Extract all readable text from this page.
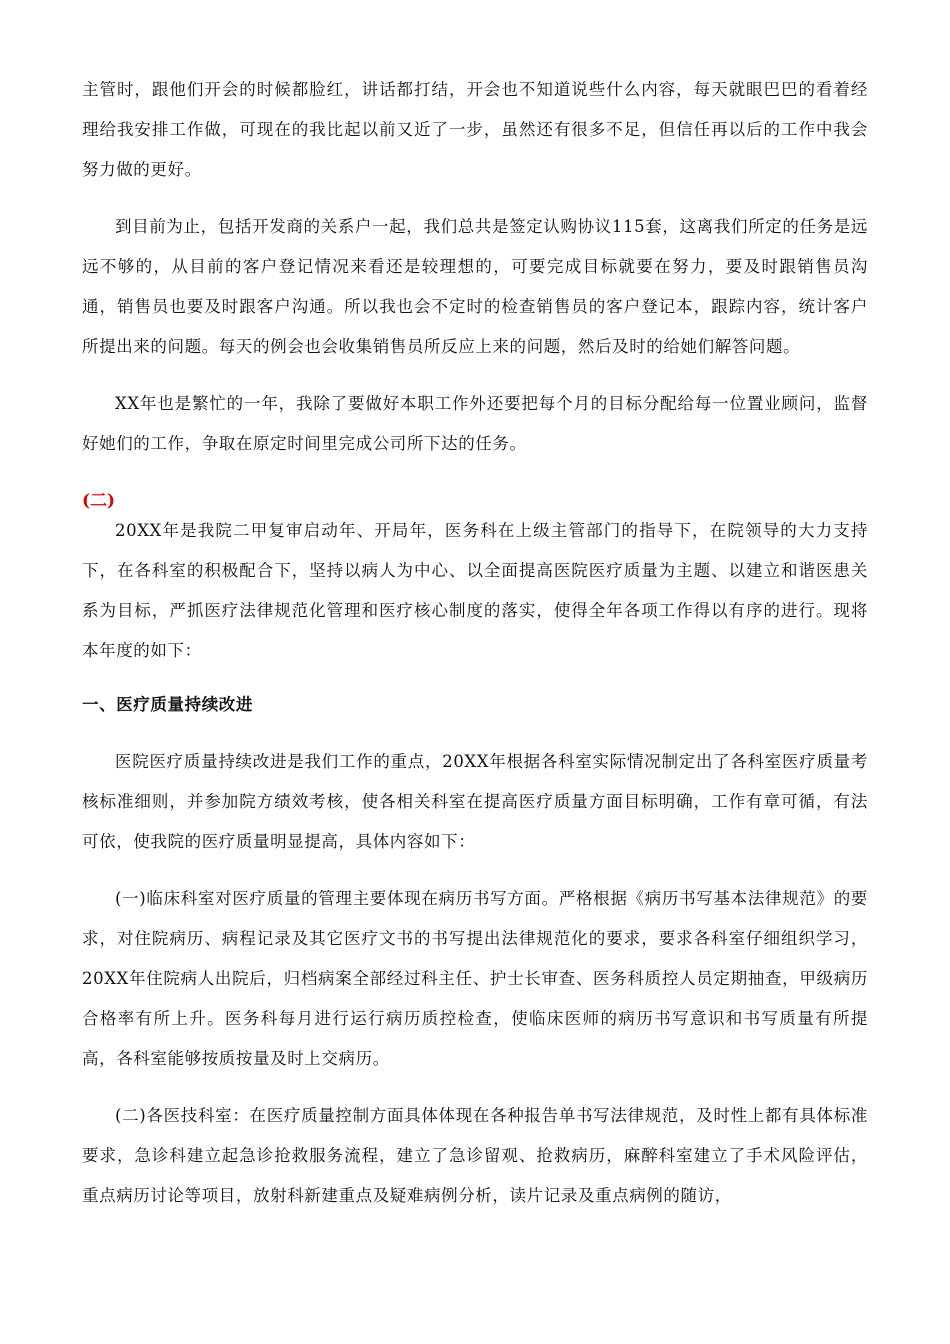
主管时，跟他们开会的时候都脸红，讲话都打结，开会也不知道说些什么内容，每天就眼巴巴的看着经理给我安排工作做，可现在的我比起以前又近了一步，虽然还有很多不足，但信任再以后的工作中我会努力做的更好。

到目前为止，包括开发商的关系户一起，我们总共是签定认购协议115套，这离我们所定的任务是远远不够的，从目前的客户登记情况来看还是较理想的，可要完成目标就要在努力，要及时跟销售员沟通，销售员也要及时跟客户沟通。所以我也会不定时的检查销售员的客户登记本，跟踪内容，统计客户所提出来的问题。每天的例会也会收集销售员所反应上来的问题，然后及时的给她们解答问题。

XX年也是繁忙的一年，我除了要做好本职工作外还要把每个月的目标分配给每一位置业顾问，监督好她们的工作，争取在原定时间里完成公司所下达的任务。

(二)

20XX年是我院二甲复审启动年、开局年，医务科在上级主管部门的指导下，在院领导的大力支持下，在各科室的积极配合下，坚持以病人为中心、以全面提高医院医疗质量为主题、以建立和谐医患关系为目标，严抓医疗法律规范化管理和医疗核心制度的落实，使得全年各项工作得以有序的进行。现将本年度的如下：

一、医疗质量持续改进

医院医疗质量持续改进是我们工作的重点，20XX年根据各科室实际情况制定出了各科室医疗质量考核标准细则，并参加院方绩效考核，使各相关科室在提高医疗质量方面目标明确，工作有章可循，有法可依，使我院的医疗质量明显提高，具体内容如下：

(一)临床科室对医疗质量的管理主要体现在病历书写方面。严格根据《病历书写基本法律规范》的要求，对住院病历、病程记录及其它医疗文书的书写提出法律规范化的要求，要求各科室仔细组织学习，20XX年住院病人出院后，归档病案全部经过科主任、护士长审查、医务科质控人员定期抽查，甲级病历合格率有所上升。医务科每月进行运行病历质控检查，使临床医师的病历书写意识和书写质量有所提高，各科室能够按质按量及时上交病历。

(二)各医技科室：在医疗质量控制方面具体体现在各种报告单书写法律规范，及时性上都有具体标准要求，急诊科建立起急诊抢救服务流程，建立了急诊留观、抢救病历，麻醉科室建立了手术风险评估，重点病历讨论等项目，放射科新建重点及疑难病例分析，读片记录及重点病例的随访，
